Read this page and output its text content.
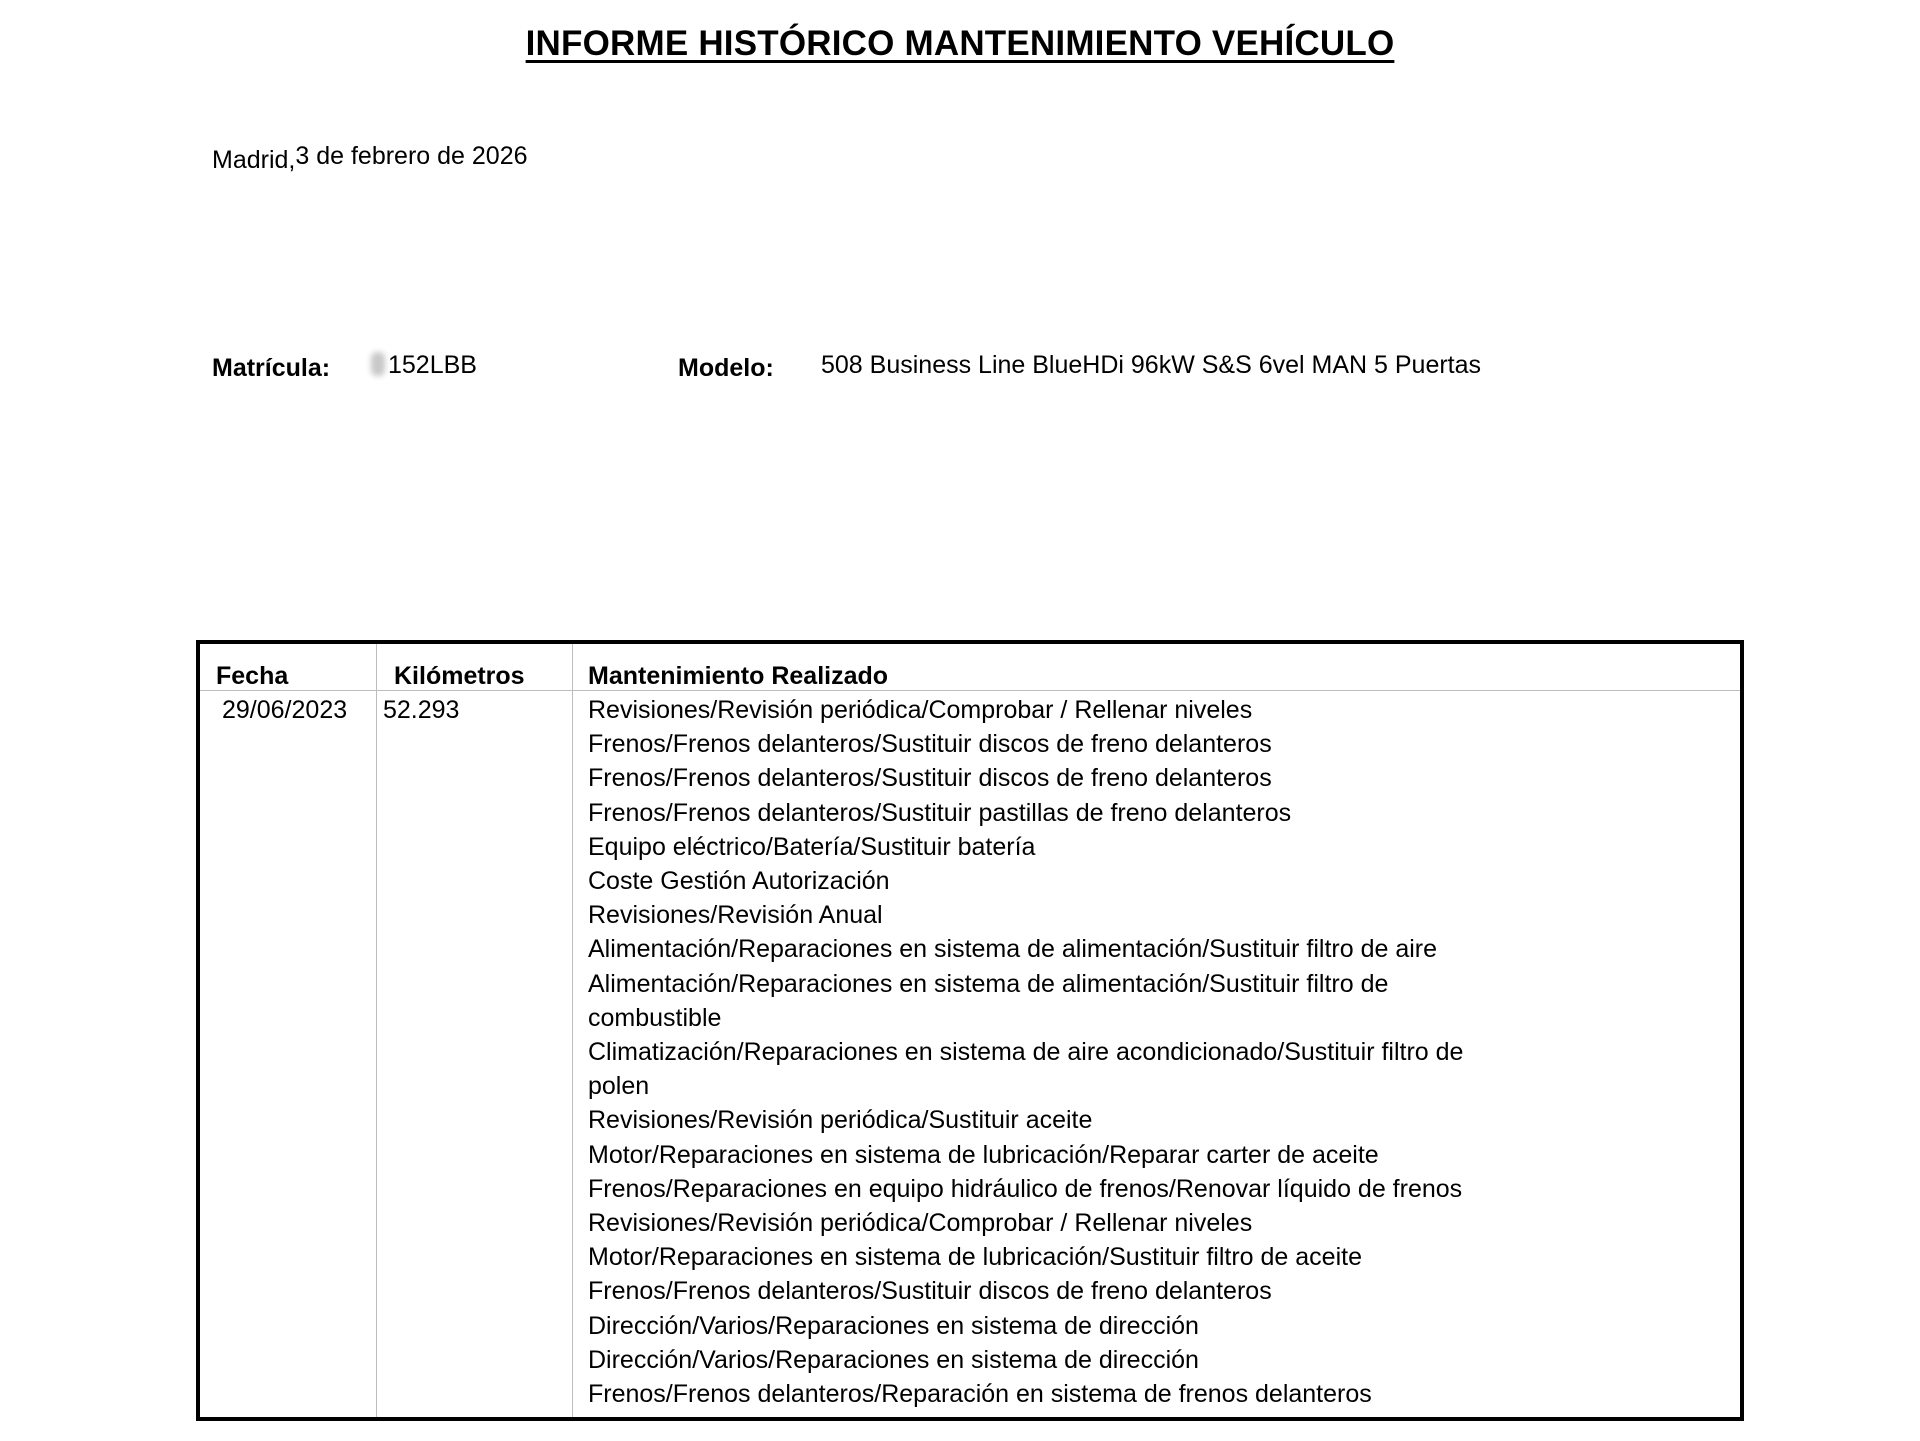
INFORME HISTÓRICO MANTENIMIENTO VEHÍCULO
Madrid,3 de febrero de 2026
Matrícula: 152LBB	Modelo: 508 Business Line BlueHDi 96kW S&S 6vel MAN 5 Puertas
Fecha	Kilómetros	Mantenimiento Realizado
29/06/2023 52.293	Revisiones/Revisión periódica/Comprobar / Rellenar niveles
Frenos/Frenos delanteros/Sustituir discos de freno delanteros
Frenos/Frenos delanteros/Sustituir discos de freno delanteros
Frenos/Frenos delanteros/Sustituir pastillas de freno delanteros
Equipo eléctrico/Batería/Sustituir batería
Coste Gestión Autorización
Revisiones/Revisión Anual
Alimentación/Reparaciones en sistema de alimentación/Sustituir filtro de aire
Alimentación/Reparaciones en sistema de alimentación/Sustituir filtro de
combustible
Climatización/Reparaciones en sistema de aire acondicionado/Sustituir filtro de
polen
Revisiones/Revisión periódica/Sustituir aceite
Motor/Reparaciones en sistema de lubricación/Reparar carter de aceite
Frenos/Reparaciones en equipo hidráulico de frenos/Renovar líquido de frenos
Revisiones/Revisión periódica/Comprobar / Rellenar niveles
Motor/Reparaciones en sistema de lubricación/Sustituir filtro de aceite
Frenos/Frenos delanteros/Sustituir discos de freno delanteros
Dirección/Varios/Reparaciones en sistema de dirección
Dirección/Varios/Reparaciones en sistema de dirección
Frenos/Frenos delanteros/Reparación en sistema de frenos delanteros
